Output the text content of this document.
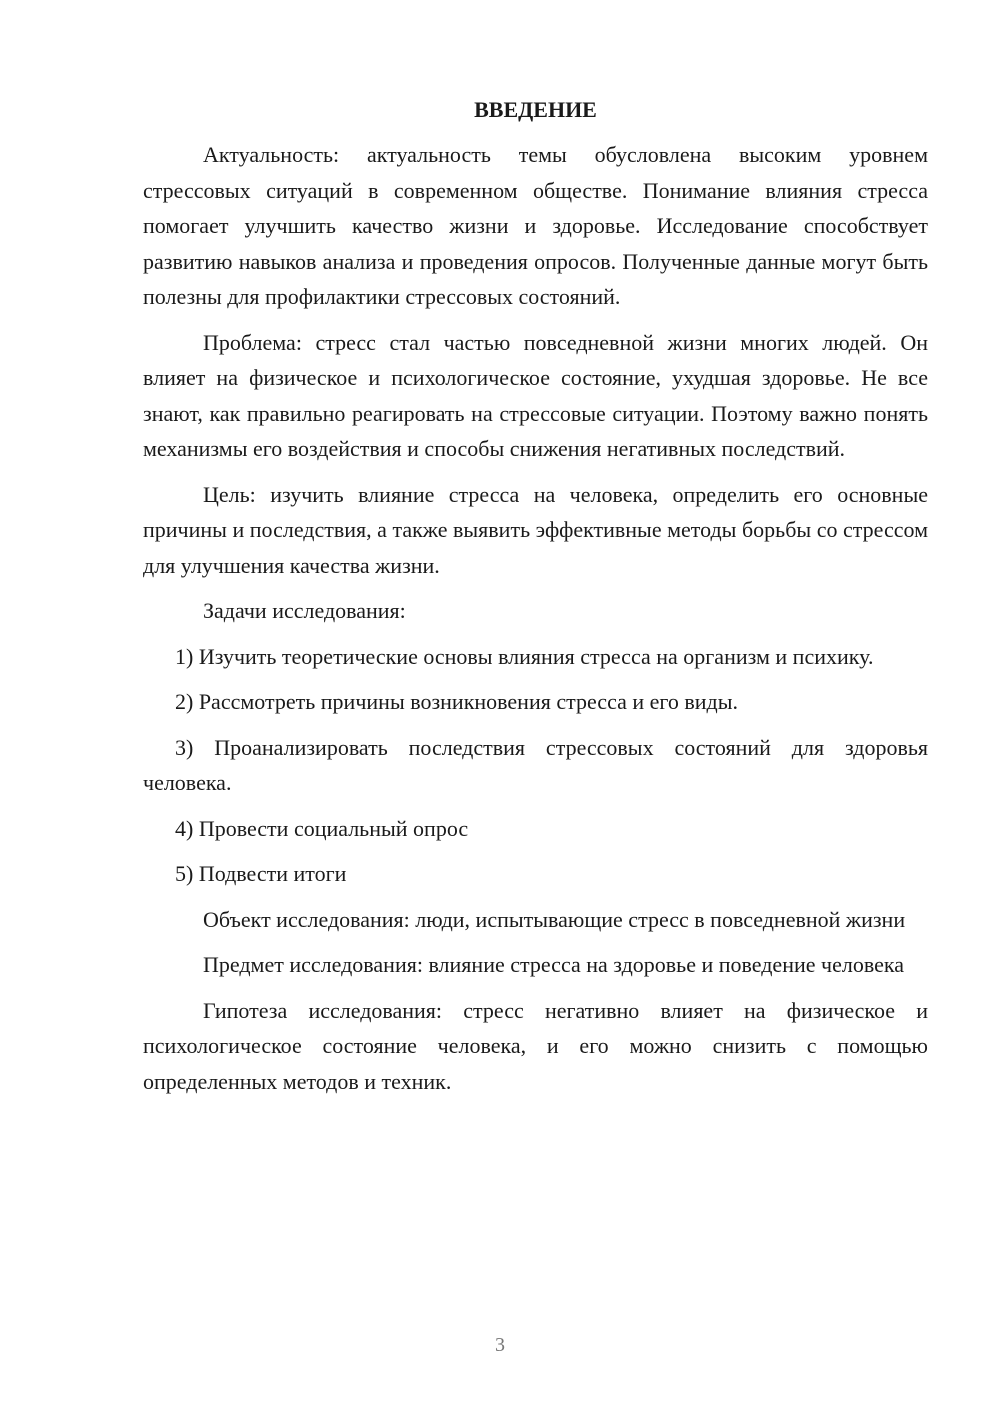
ВВЕДЕНИЕ

Актуальность: актуальность темы обусловлена высоким уровнем стрессовых ситуаций в современном обществе. Понимание влияния стресса помогает улучшить качество жизни и здоровье. Исследование способствует развитию навыков анализа и проведения опросов. Полученные данные могут быть полезны для профилактики стрессовых состояний.

Проблема: стресс стал частью повседневной жизни многих людей. Он влияет на физическое и психологическое состояние, ухудшая здоровье. Не все знают, как правильно реагировать на стрессовые ситуации. Поэтому важно понять механизмы его воздействия и способы снижения негативных последствий.

Цель: изучить влияние стресса на человека, определить его основные причины и последствия, а также выявить эффективные методы борьбы со стрессом для улучшения качества жизни.

Задачи исследования:

1) Изучить теоретические основы влияния стресса на организм и психику.

2) Рассмотреть причины возникновения стресса и его виды.

3) Проанализировать последствия стрессовых состояний для здоровья человека.

4) Провести социальный опрос

5) Подвести итоги

Объект исследования: люди, испытывающие стресс в повседневной жизни

Предмет исследования: влияние стресса на здоровье и поведение человека

Гипотеза исследования: стресс негативно влияет на физическое и психологическое состояние человека, и его можно снизить с помощью определенных методов и техник.

3
